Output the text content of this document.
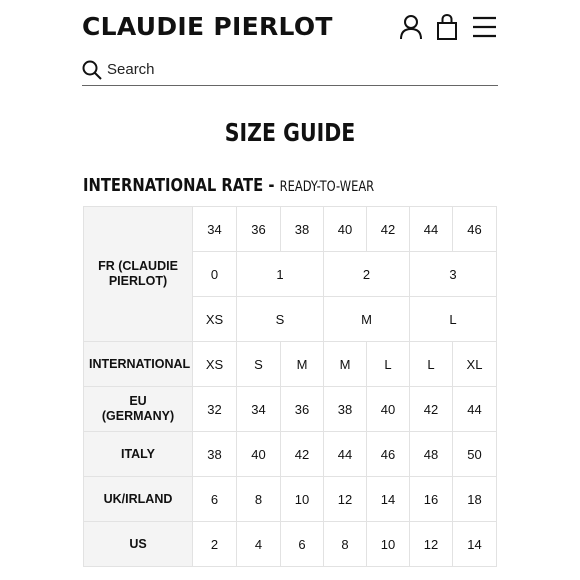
CLAUDIE PIERLOT
Search
SIZE GUIDE
INTERNATIONAL RATE - READY-TO-WEAR
FR (CLAUDIE PIERLOT)	34	36	38	40	42	44	46
	0	1		2		3	
	XS	S		M		L	
INTERNATIONAL	XS	S	M	M	L	L	XL
EU (GERMANY)	32	34	36	38	40	42	44
ITALY	38	40	42	44	46	48	50
UK/IRLAND	6	8	10	12	14	16	18
US	2	4	6	8	10	12	14
